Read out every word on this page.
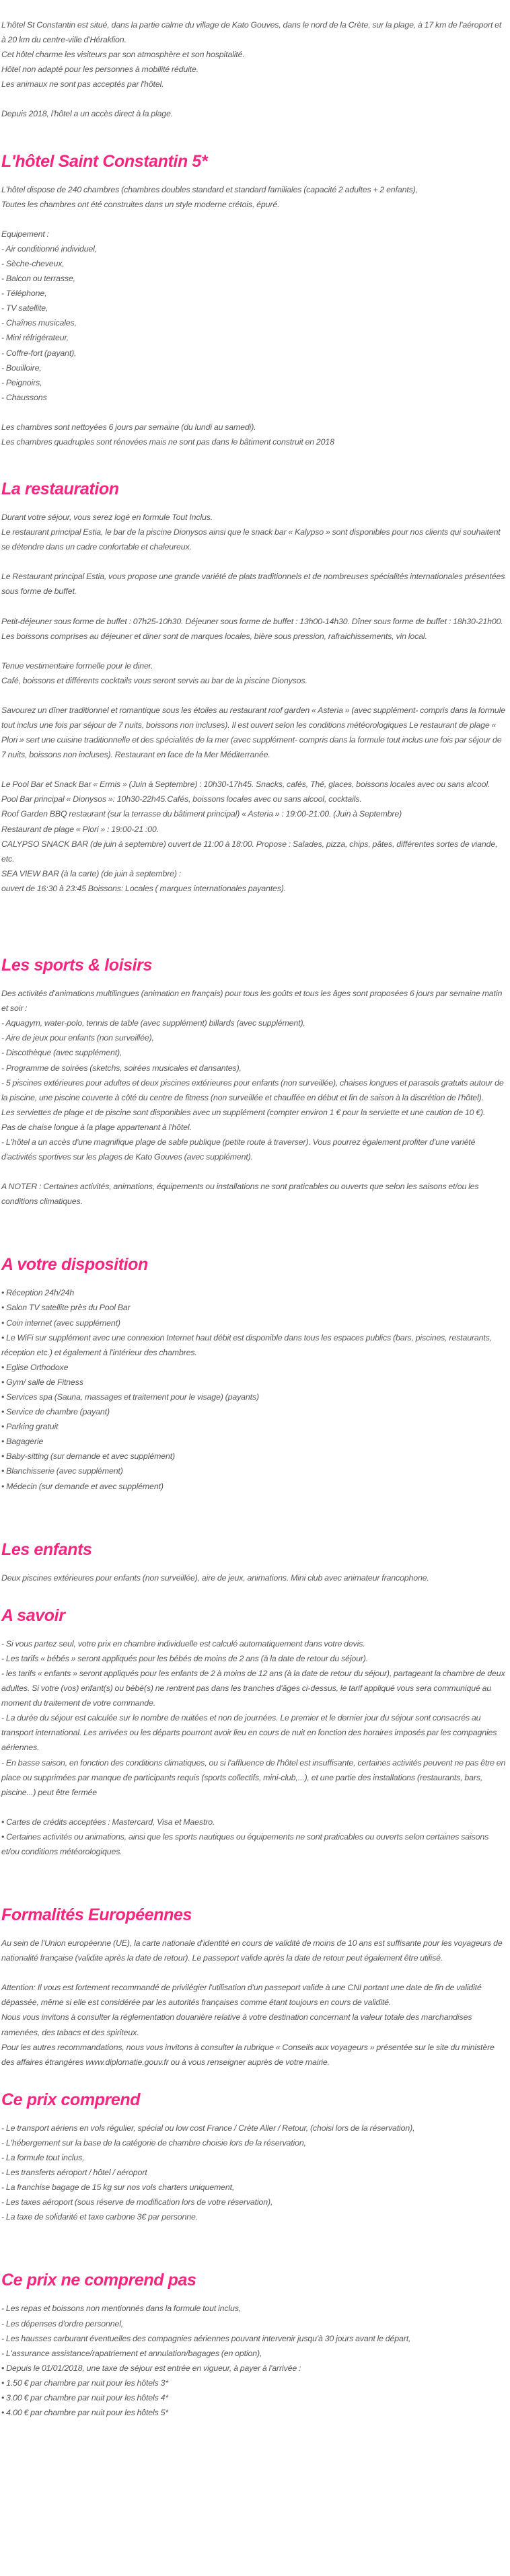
L'hôtel St Constantin est situé, dans la partie calme du village de Kato Gouves, dans le nord de la Crète, sur la plage, à 17 km de l'aéroport et à 20 km du centre-ville d'Héraklion.

Cet hôtel charme les visiteurs par son atmosphère et son hospitalité.

Hôtel non adapté pour les personnes à mobilité réduite.

Les animaux ne sont pas acceptés par l'hôtel.

Depuis 2018, l'hôtel a un accès direct à la plage.

L'hôtel Saint Constantin 5*

L'hôtel dispose de 240 chambres (chambres doubles standard et standard familiales (capacité 2 adultes + 2 enfants),

Toutes les chambres ont été construites dans un style moderne crétois, épuré.

Equipement :

- Air conditionné individuel,
- Sèche-cheveux,
- Balcon ou terrasse,
- Téléphone,
- TV satellite,
- Chaînes musicales,
- Mini réfrigérateur,
- Coffre-fort (payant),
- Bouilloire,
- Peignoirs,
- Chaussons

Les chambres sont nettoyées 6 jours par semaine (du lundi au samedi).

Les chambres quadruples sont rénovées mais ne sont pas dans le bâtiment construit en 2018

La restauration

Durant votre séjour, vous serez logé en formule Tout Inclus.

Le restaurant principal Estia, le bar de la piscine Dionysos ainsi que le snack bar « Kalypso » sont disponibles pour nos clients qui souhaitent se détendre dans un cadre confortable et chaleureux.

Le Restaurant principal Estia, vous propose une grande variété de plats traditionnels et de nombreuses spécialités internationales présentées sous forme de buffet.

Petit-déjeuner sous forme de buffet : 07h25-10h30. Déjeuner sous forme de buffet : 13h00-14h30. Dîner sous forme de buffet : 18h30-21h00.

Les boissons comprises au déjeuner et diner sont de marques locales, bière sous pression, rafraichissements, vin local.

Tenue vestimentaire formelle pour le diner.

Café, boissons et différents cocktails vous seront servis au bar de la piscine Dionysos.

Savourez un dîner traditionnel et romantique sous les étoiles au restaurant roof garden « Asteria » (avec supplément- compris dans la formule tout inclus une fois par séjour de 7 nuits, boissons non incluses). Il est ouvert selon les conditions météorologiques Le restaurant de plage « Plori » sert une cuisine traditionnelle et des spécialités de la mer (avec supplément- compris dans la formule tout inclus une fois par séjour de 7 nuits, boissons non incluses). Restaurant en face de la Mer Méditerranée.

Le Pool Bar et Snack Bar « Ermis » (Juin à Septembre) : 10h30-17h45. Snacks, cafés, Thé, glaces, boissons locales avec ou sans alcool.

Pool Bar principal « Dionysos »: 10h30-22h45.Cafés, boissons locales avec ou sans alcool, cocktails.

Roof Garden BBQ restaurant (sur la terrasse du bâtiment principal) « Asteria » : 19:00-21:00. (Juin à Septembre)

Restaurant de plage « Plori » : 19:00-21 :00.

CALYPSO SNACK BAR (de juin à septembre) ouvert de 11:00 à 18:00. Propose : Salades, pizza, chips, pâtes, différentes sortes de viande, etc.

SEA VIEW BAR (à la carte) (de juin à septembre) :

ouvert de 16:30 à 23:45 Boissons: Locales ( marques internationales payantes).

Les sports & loisirs

Des activités d'animations multilingues (animation en français) pour tous les goûts et tous les âges sont proposées 6 jours par semaine matin et soir :

- Aquagym, water-polo, tennis de table (avec supplément) billards (avec supplément),
- Aire de jeux pour enfants (non surveillée),
- Discothèque (avec supplément),
- Programme de soirées (sketchs, soirées musicales et dansantes),
- 5 piscines extérieures pour adultes et deux piscines extérieures pour enfants (non surveillée), chaises longues et parasols gratuits autour de la piscine, une piscine couverte à côté du centre de fitness (non surveillée et chauffée en début et fin de saison à la discrétion de l'hôtel).
Les serviettes de plage et de piscine sont disponibles avec un supplément (compter environ 1 € pour la serviette et une caution de 10 €).
Pas de chaise longue à la plage appartenant à l'hôtel.
- L'hôtel a un accès d'une magnifique plage de sable publique (petite route à traverser). Vous pourrez également profiter d'une variété d'activités sportives sur les plages de Kato Gouves (avec supplément).

A NOTER : Certaines activités, animations, équipements ou installations ne sont praticables ou ouverts que selon les saisons et/ou les conditions climatiques.

A votre disposition
• Réception 24h/24h
• Salon TV satellite près du Pool Bar
• Coin internet (avec supplément)
• Le WiFi sur supplément avec une connexion Internet haut débit est disponible dans tous les espaces publics (bars, piscines, restaurants, réception etc.) et également à l'intérieur des chambres.
• Eglise Orthodoxe
• Gym/ salle de Fitness
• Services spa (Sauna, massages et traitement pour le visage) (payants)
• Service de chambre (payant)
• Parking gratuit
• Bagagerie
• Baby-sitting (sur demande et avec supplément)
• Blanchisserie (avec supplément)
• Médecin (sur demande et avec supplément)
Les enfants

Deux piscines extérieures pour enfants (non surveillée), aire de jeux, animations. Mini club avec animateur francophone.

A savoir
- Si vous partez seul, votre prix en chambre individuelle est calculé automatiquement dans votre devis.
- Les tarifs « bébés » seront appliqués pour les bébés de moins de 2 ans (à la date de retour du séjour).
- les tarifs « enfants » seront appliqués pour les enfants de 2 à moins de 12 ans (à la date de retour du séjour), partageant la chambre de deux adultes. Si votre (vos) enfant(s) ou bébé(s) ne rentrent pas dans les tranches d'âges ci-dessus, le tarif appliqué vous sera communiqué au moment du traitement de votre commande.
- La durée du séjour est calculée sur le nombre de nuitées et non de journées. Le premier et le dernier jour du séjour sont consacrés au transport international. Les arrivées ou les départs pourront avoir lieu en cours de nuit en fonction des horaires imposés par les compagnies aériennes.
- En basse saison, en fonction des conditions climatiques, ou si l'affluence de l'hôtel est insuffisante, certaines activités peuvent ne pas être en place ou supprimées par manque de participants requis (sports collectifs, mini-club,...), et une partie des installations (restaurants, bars, piscine...) peut être fermée
• Cartes de crédits acceptées : Mastercard, Visa et Maestro.
• Certaines activités ou animations, ainsi que les sports nautiques ou équipements ne sont praticables ou ouverts selon certaines saisons et/ou conditions météorologiques.
Formalités Européennes

Au sein de l'Union européenne (UE), la carte nationale d'identité en cours de validité de moins de 10 ans est suffisante pour les voyageurs de nationalité française (validite après la date de retour). Le passeport valide après la date de retour peut également être utilisé.

Attention: Il vous est fortement recommandé de privilégier l'utilisation d'un passeport valide à une CNI portant une date de fin de validité dépassée, même si elle est considérée par les autorités françaises comme étant toujours en cours de validité.

Nous vous invitons à consulter la réglementation douanière relative à votre destination concernant la valeur totale des marchandises ramenées, des tabacs et des spiriteux.

Pour les autres recommandations, nous vous invitons à consulter la rubrique « Conseils aux voyageurs » présentée sur le site du ministère des affaires étrangères www.diplomatie.gouv.fr ou à vous renseigner auprès de votre mairie.

Ce prix comprend
- Le transport aériens en vols régulier, spécial ou low cost France / Crète Aller / Retour, (choisi lors de la réservation),
- L'hébergement sur la base de la catégorie de chambre choisie lors de la réservation,
- La formule tout inclus,
- Les transferts aéroport / hôtel / aéroport
- La franchise bagage de 15 kg sur nos vols charters uniquement,
- Les taxes aéroport (sous réserve de modification lors de votre réservation),
- La taxe de solidarité et taxe carbone 3€ par personne.
Ce prix ne comprend pas
- Les repas et boissons non mentionnés dans la formule tout inclus,
- Les dépenses d'ordre personnel,
- Les hausses carburant éventuelles des compagnies aériennes pouvant intervenir jusqu'à 30 jours avant le départ,
- L'assurance assistance/rapatriement et annulation/bagages (en option),
• Depuis le 01/01/2018, une taxe de séjour est entrée en vigueur, à payer à l'arrivée :
• 1.50 € par chambre par nuit pour les hôtels 3*
• 3.00 € par chambre par nuit pour les hôtels 4*
• 4.00 € par chambre par nuit pour les hôtels 5*
